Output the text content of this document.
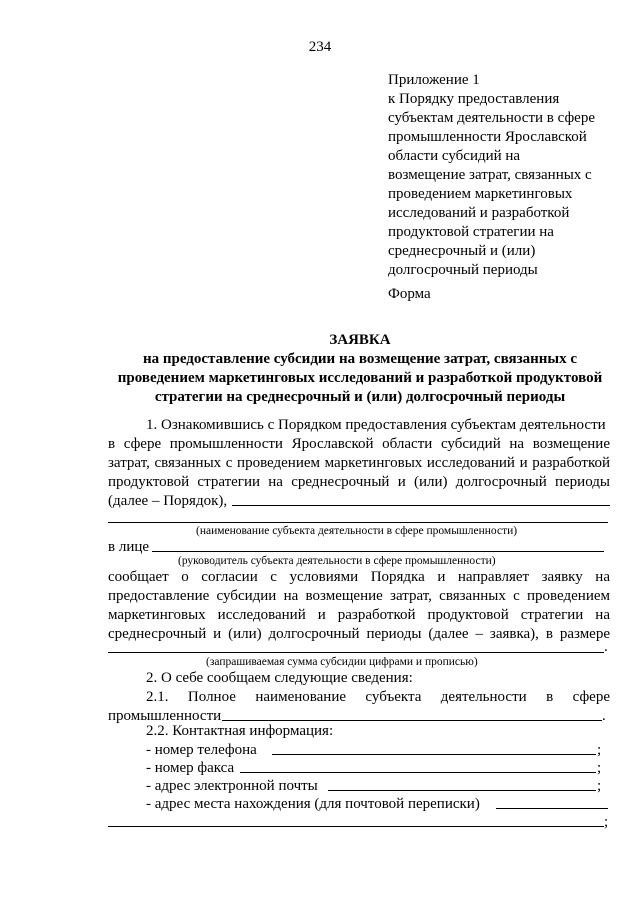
234
Приложение 1
к Порядку предоставления
субъектам деятельности в сфере
промышленности Ярославской
области субсидий на
возмещение затрат, связанных с
проведением маркетинговых
исследований и разработкой
продуктовой стратегии на
среднесрочный и (или)
долгосрочный периоды
Форма
ЗАЯВКА
на предоставление субсидии на возмещение затрат, связанных с
проведением маркетинговых исследований и разработкой продуктовой
стратегии на среднесрочный и (или) долгосрочный периоды
1. Ознакомившись с Порядком предоставления субъектам деятельности
в сфере промышленности Ярославской области субсидий на возмещение
затрат, связанных с проведением маркетинговых исследований и разработкой
продуктовой стратегии на среднесрочный и (или) долгосрочный периоды
(далее – Порядок),
(наименование субъекта деятельности в сфере промышленности)
в лице
(руководитель субъекта деятельности в сфере промышленности)
сообщает о согласии с условиями Порядка и направляет заявку на
предоставление субсидии на возмещение затрат, связанных с проведением
маркетинговых исследований и разработкой продуктовой стратегии на
среднесрочный и (или) долгосрочный периоды (далее – заявка), в размере
.
(запрашиваемая сумма субсидии цифрами и прописью)
2. О себе сообщаем следующие сведения:
2.1. Полное наименование субъекта деятельности в сфере
промышленности	.
2.2. Контактная информация:
- номер телефона	;
- номер факса	;
- адрес электронной почты	;
- адрес места нахождения (для почтовой переписки)
;
